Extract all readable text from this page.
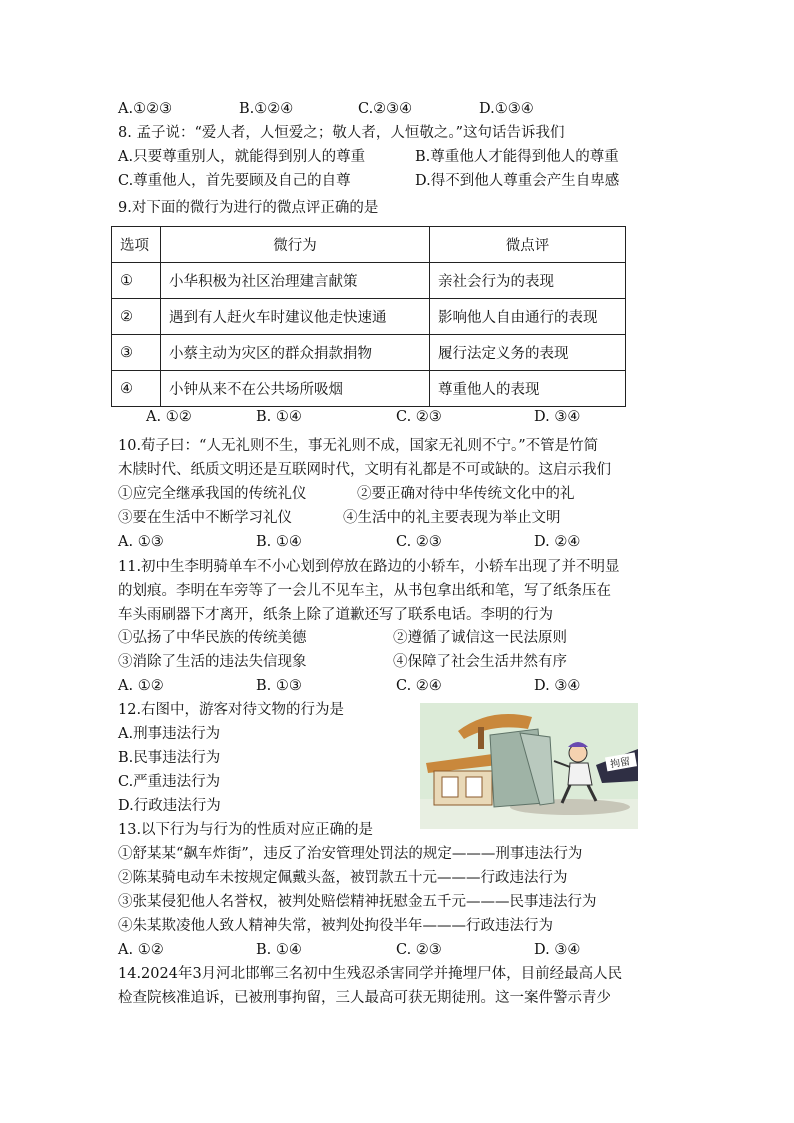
A.①②③	B.①②④	C.②③④	D.①③④
8. 孟子说：“爱人者，人恒爱之；敬人者，人恒敬之。”这句话告诉我们
A.只要尊重别人，就能得到别人的尊重	B.尊重他人才能得到他人的尊重
C.尊重他人，首先要顾及自己的自尊	D.得不到他人尊重会产生自卑感
9.对下面的微行为进行的微点评正确的是
选项	微行为	微点评
①	小华积极为社区治理建言献策	亲社会行为的表现
②	遇到有人赶火车时建议他走快速通	影响他人自由通行的表现
③	小蔡主动为灾区的群众捐款捐物	履行法定义务的表现
④	小钟从来不在公共场所吸烟	尊重他人的表现
A. ①②	B. ①④	C. ②③	D. ③④
10.荀子曰：“人无礼则不生，事无礼则不成，国家无礼则不宁。”不管是竹简
木牍时代、纸质文明还是互联网时代，文明有礼都是不可或缺的。这启示我们
①应完全继承我国的传统礼仪	②要正确对待中华传统文化中的礼
③要在生活中不断学习礼仪	④生活中的礼主要表现为举止文明
A. ①③	B. ①④	C. ②③	D. ②④
11.初中生李明骑单车不小心划到停放在路边的小轿车，小轿车出现了并不明显
的划痕。李明在车旁等了一会儿不见车主，从书包拿出纸和笔，写了纸条压在
车头雨刷器下才离开，纸条上除了道歉还写了联系电话。李明的行为
①弘扬了中华民族的传统美德	②遵循了诚信这一民法原则
③消除了生活的违法失信现象	④保障了社会生活井然有序
A. ①②	B. ①③	C. ②④	D. ③④
12.右图中，游客对待文物的行为是
A.刑事违法行为
B.民事违法行为
C.严重违法行为
D.行政违法行为
拘留
13.以下行为与行为的性质对应正确的是
①舒某某“飙车炸街”，违反了治安管理处罚法的规定———刑事违法行为
②陈某骑电动车未按规定佩戴头盔，被罚款五十元———行政违法行为
③张某侵犯他人名誉权，被判处赔偿精神抚慰金五千元———民事违法行为
④朱某欺凌他人致人精神失常，被判处拘役半年———行政违法行为
A. ①②	B. ①④	C. ②③	D. ③④
14.2024年3月河北邯郸三名初中生残忍杀害同学并掩埋尸体，目前经最高人民
检查院核准追诉，已被刑事拘留，三人最高可获无期徒刑。这一案件警示青少
